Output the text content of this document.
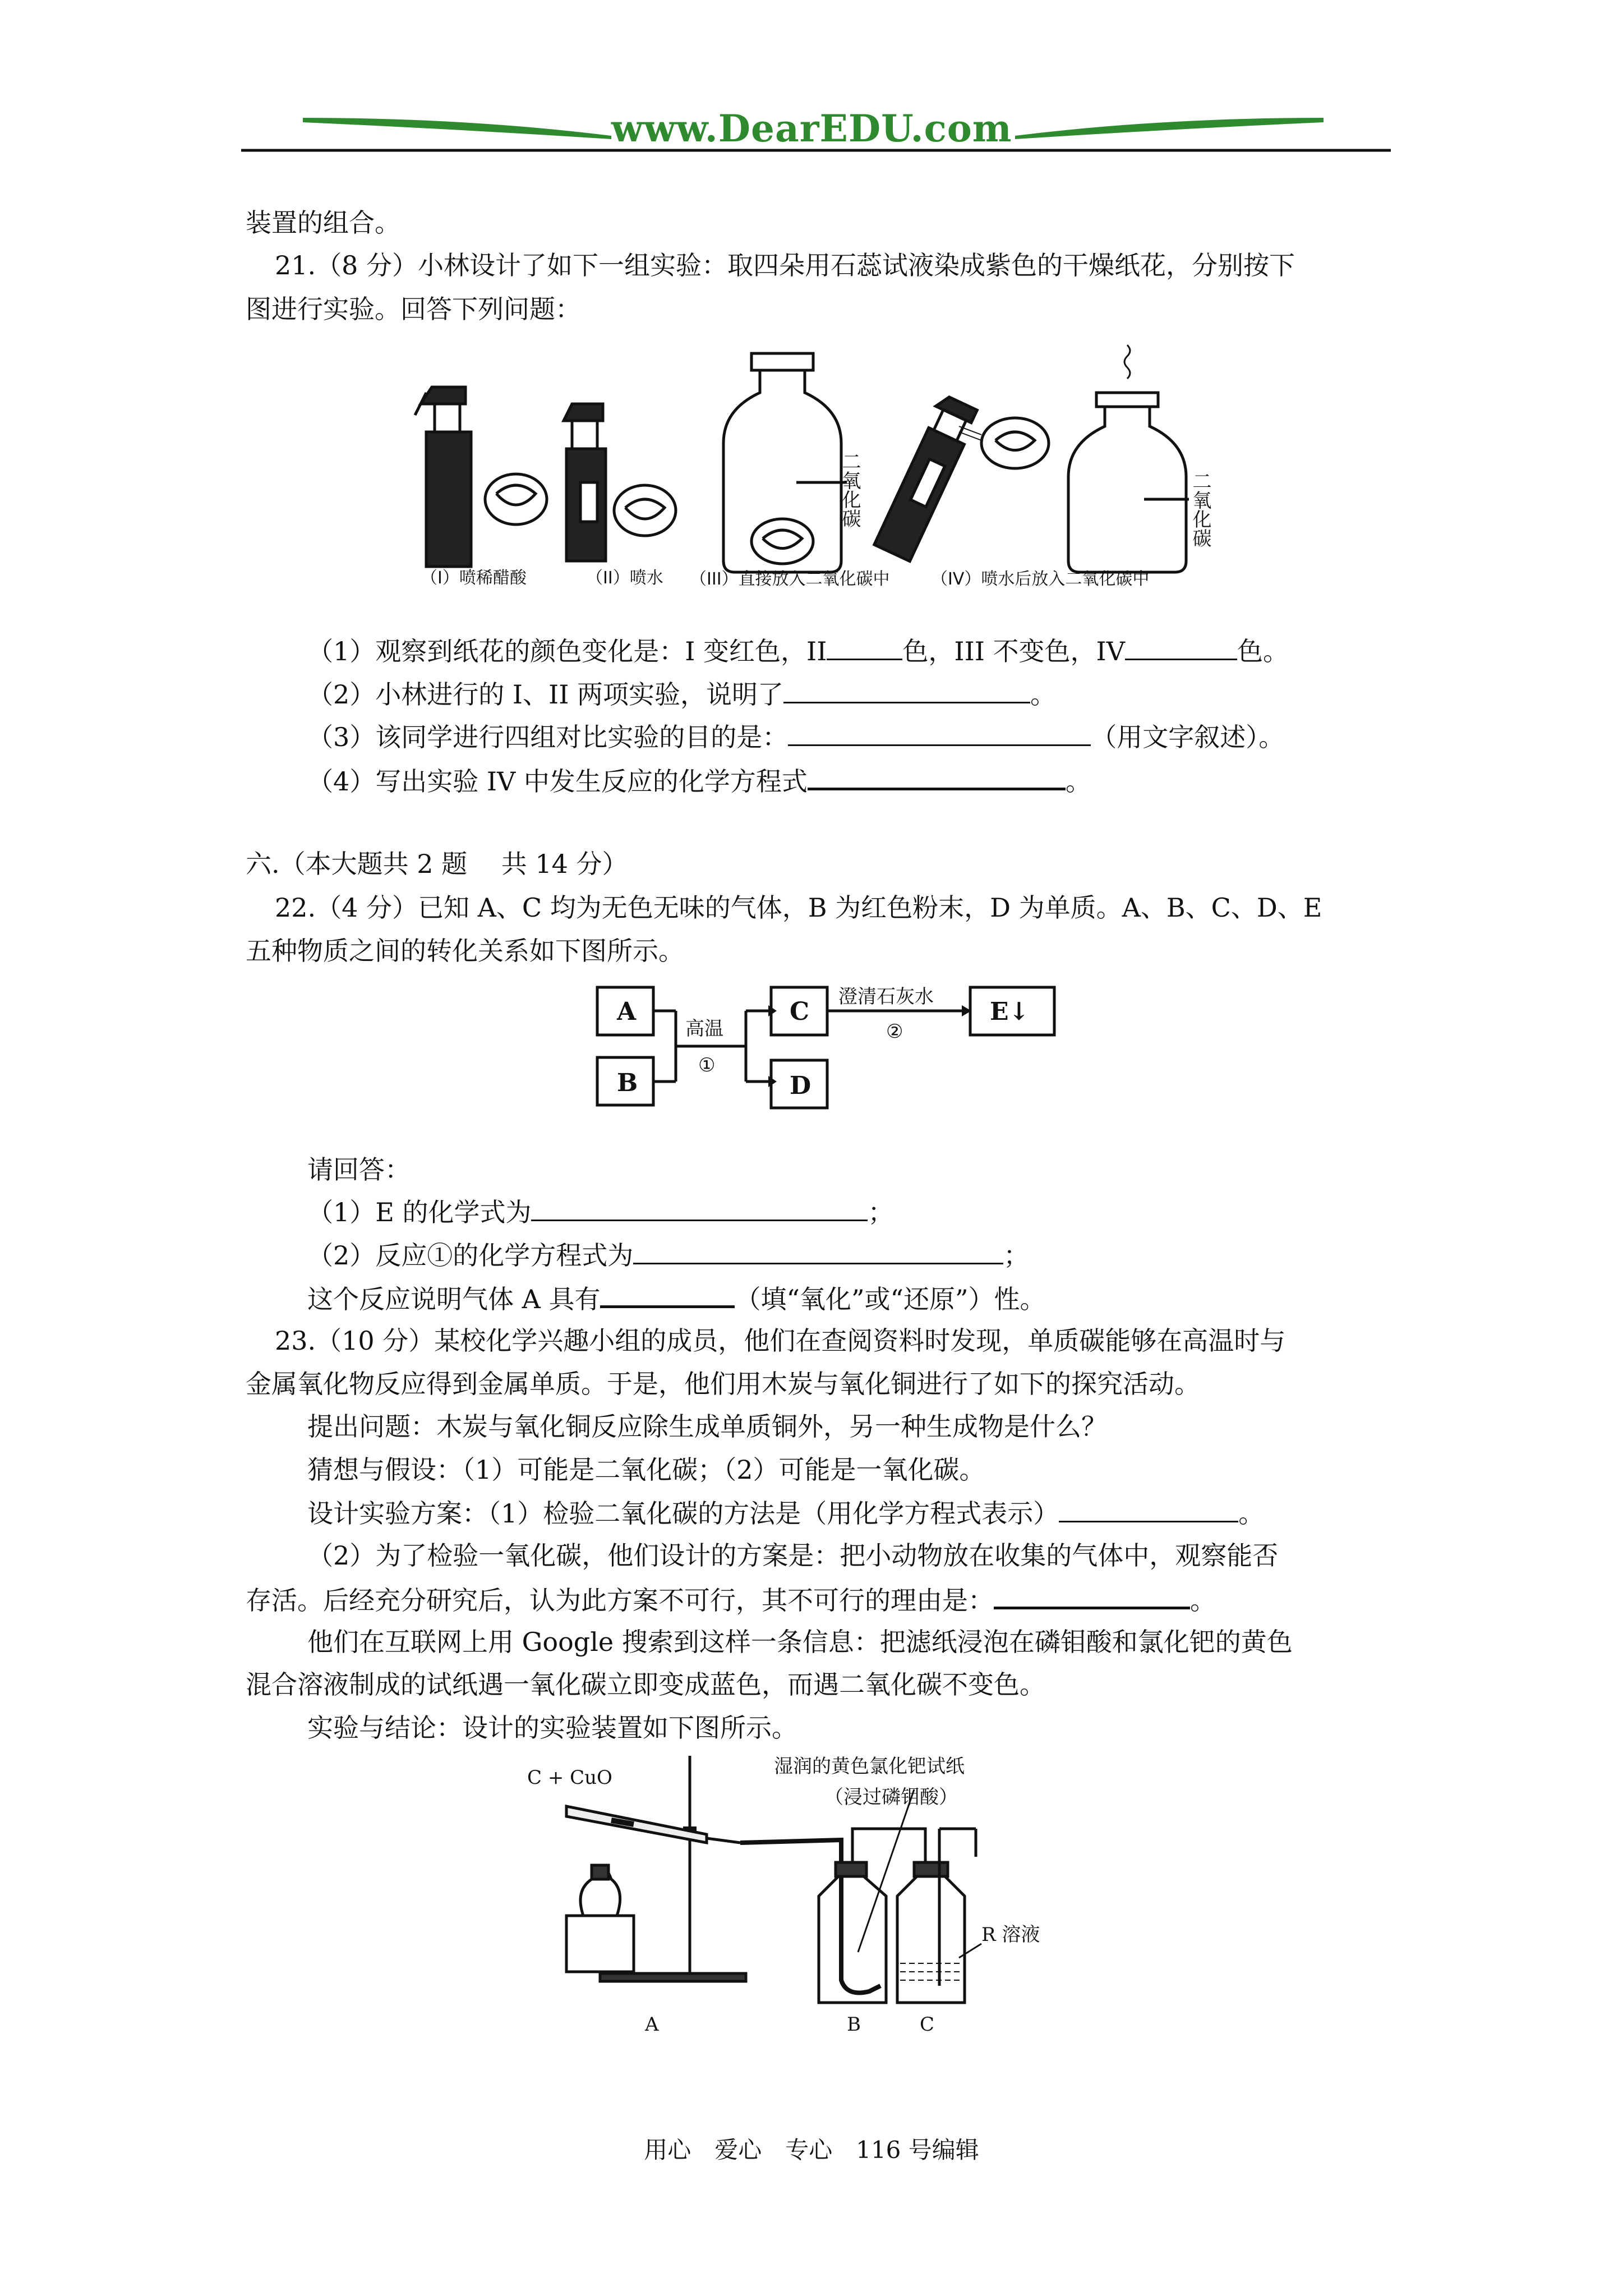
www.DearEDU.com
装置的组合。
21.（8 分）小林设计了如下一组实验：取四朵用石蕊试液染成紫色的干燥纸花，分别按下
图进行实验。回答下列问题：
二氧化碳	二氧化碳
（I）喷稀醋酸	（II）喷水 （III）直接放入二氧化碳中 （IV）喷水后放入二氧化碳中
（1）观察到纸花的颜色变化是：I 变红色，II	色，III 不变色，IV	色。
（2）小林进行的 I、II 两项实验，说明了	。
（3）该同学进行四组对比实验的目的是：	（用文字叙述）。
（4）写出实验 IV 中发生反应的化学方程式	。
六.（本大题共 2 题　 共 14 分）
22.（4 分）已知 A、C 均为无色无味的气体，B 为红色粉末，D 为单质。A、B、C、D、E
五种物质之间的转化关系如下图所示。
A
B
C
D
E↓
高温
①
澄清石灰水
②
请回答：
（1）E 的化学式为	；
（2）反应①的化学方程式为	；
这个反应说明气体 A 具有	（填“氧化”或“还原”）性。
23.（10 分）某校化学兴趣小组的成员，他们在查阅资料时发现，单质碳能够在高温时与
金属氧化物反应得到金属单质。于是，他们用木炭与氧化铜进行了如下的探究活动。
提出问题：木炭与氧化铜反应除生成单质铜外，另一种生成物是什么？
猜想与假设：（1）可能是二氧化碳；（2）可能是一氧化碳。
设计实验方案：（1）检验二氧化碳的方法是（用化学方程式表示）	。
（2）为了检验一氧化碳，他们设计的方案是：把小动物放在收集的气体中，观察能否
存活。后经充分研究后，认为此方案不可行，其不可行的理由是：	。
他们在互联网上用 Google 搜索到这样一条信息：把滤纸浸泡在磷钼酸和氯化钯的黄色
混合溶液制成的试纸遇一氧化碳立即变成蓝色，而遇二氧化碳不变色。
实验与结论：设计的实验装置如下图所示。
C + CuO	湿润的黄色氯化钯试纸
（浸过磷钼酸）
R 溶液
A	B	C
用心　爱心　专心　116 号编辑
